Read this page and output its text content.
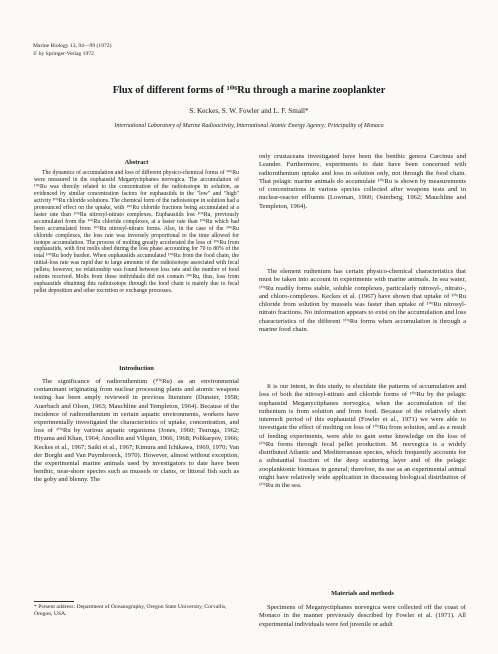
Marine Biology 13, 94—99 (1972)
© by Springer-Verlag 1972
Flux of different forms of ¹⁰⁶Ru through a marine zooplankter
S. Keckes, S. W. Fowler and L. F. Small*
International Laboratory of Marine Radioactivity, International Atomic Energy Agency; Principality of Monaco
Abstract

The dynamics of accumulation and loss of different physico-chemical forms of ¹⁰⁶Ru were measured in the euphausiid Meganyctiphanes norvegica. The accumulation of ¹⁰⁶Ru was directly related to the concentration of the radioisotope in solution, as evidenced by similar concentration factors for euphausiids in the "low" and "high" activity ¹⁰⁶Ru chloride solutions. The chemical form of the radioisotope in solution had a pronounced effect on the uptake, with ¹⁰⁶Ru chloride fractions being accumulated at a faster rate than ¹⁰⁶Ru nitrosyl-nitrato complexes. Euphausiids lost ¹⁰⁶Ru, previously accumulated from the ¹⁰⁶Ru chloride complexes, at a faster rate than ¹⁰⁶Ru which had been accumulated from ¹⁰⁶Ru nitrosyl-nitrato forms. Also, in the case of the ¹⁰⁶Ru chloride complexes, the loss rate was inversely proportional to the time allowed for isotope accumulation. The process of molting greatly accelerated the loss of ¹⁰⁶Ru from euphausiids, with first molts shed during the loss phase accounting for 70 to 80% of the total ¹⁰⁶Ru body burden. When euphausiids accumulated ¹⁰⁶Ru from the food chain, the initial-loss rate was rapid due to large amounts of the radioisotope associated with fecal pellets; however, no relationship was found between loss rate and the number of food rations received. Molts from these individuals did not contain ¹⁰⁶Ru, thus, loss from euphausiids obtaining this radioisotope through the food chain is mainly due to fecal pellet deposition and other excretion or exchange processes.

Introduction

The significance of radioruthenium (¹⁰⁶Ru) as an environmental contaminant originating from nuclear processing plants and atomic weapons testing has been amply reviewed in previous literature (Dunster, 1958; Auerbach and Olson, 1963; Mauchline and Templeton, 1964). Because of the incidence of radioruthenium in certain aquatic environments, workers have experimentally investigated the characteristics of uptake, concentration, and loss of ¹⁰⁶Ru by various aquatic organisms (Jones, 1960; Tsuruga, 1962; Hiyama and Khan, 1964; Ancellin and Vilquin, 1966, 1968; Polikarpov, 1966; Keckes et al., 1967; Saiki et al., 1967; Kimura and Ichikawa, 1969, 1970; Van der Borght and Van Puymbroeck, 1970). However, almost without exception, the experimental marine animals used by investigators to date have been benthic, near-shore species such as mussels or clams, or littoral fish such as the goby and blenny. The

* Present address: Department of Oceanography, Oregon State University, Corvallis, Oregon, USA.

only crustaceans investigated have been the benthic genera Carcinus and Leander. Furthermore, experiments to date have been concerned with radioruthenium uptake and loss in solution only, not through the food chain. That pelagic marine animals do accumulate ¹⁰⁶Ru is shown by measurements of concentrations in various species collected after weapons tests and in nuclear-reactor effluents (Lowman, 1960; Osterberg, 1962; Mauchline and Templeton, 1964).

The element ruthenium has certain physico-chemical characteristics that must be taken into account in experiments with marine animals. In sea water, ¹⁰⁶Ru readily forms stable, soluble complexes, particularly nitrosyl-, nitrato-, and chloro-complexes. Keckes et al. (1967) have shown that uptake of ¹⁰⁶Ru chloride from solution by mussels was faster than uptake of ¹⁰⁶Ru nitrosyl-nitrato fractions. No information appears to exist on the accumulation and loss characteristics of the different ¹⁰⁶Ru forms when accumulation is through a marine food chain.

It is our intent, in this study, to elucidate the patterns of accumulation and loss of both the nitrosyl-nitrato and chloride forms of ¹⁰⁶Ru by the pelagic euphausiid Meganyctiphanes norvegica, when the accumulation of the ruthenium is from solution and from food. Because of the relatively short intermolt period of this euphausiid (Fowler et al., 1971) we were able to investigate the effect of molting on loss of ¹⁰⁶Ru from solution, and as a result of feeding experiments, were able to gain some knowledge on the loss of ¹⁰⁶Ru forms through fecal pellet production. M. norvegica is a widely distributed Atlantic and Mediterranean species, which frequently accounts for a substantial fraction of the deep scattering layer and of the pelagic zooplanktonic biomass in general; therefore, its use as an experimental animal might have relatively wide application in discussing biological distribution of ¹⁰⁶Ru in the sea.

Materials and methods

Specimens of Meganyctiphanes norvegica were collected off the coast of Monaco in the manner previously described by Fowler et al. (1971). All experimental individuals were fed juvenile or adult
